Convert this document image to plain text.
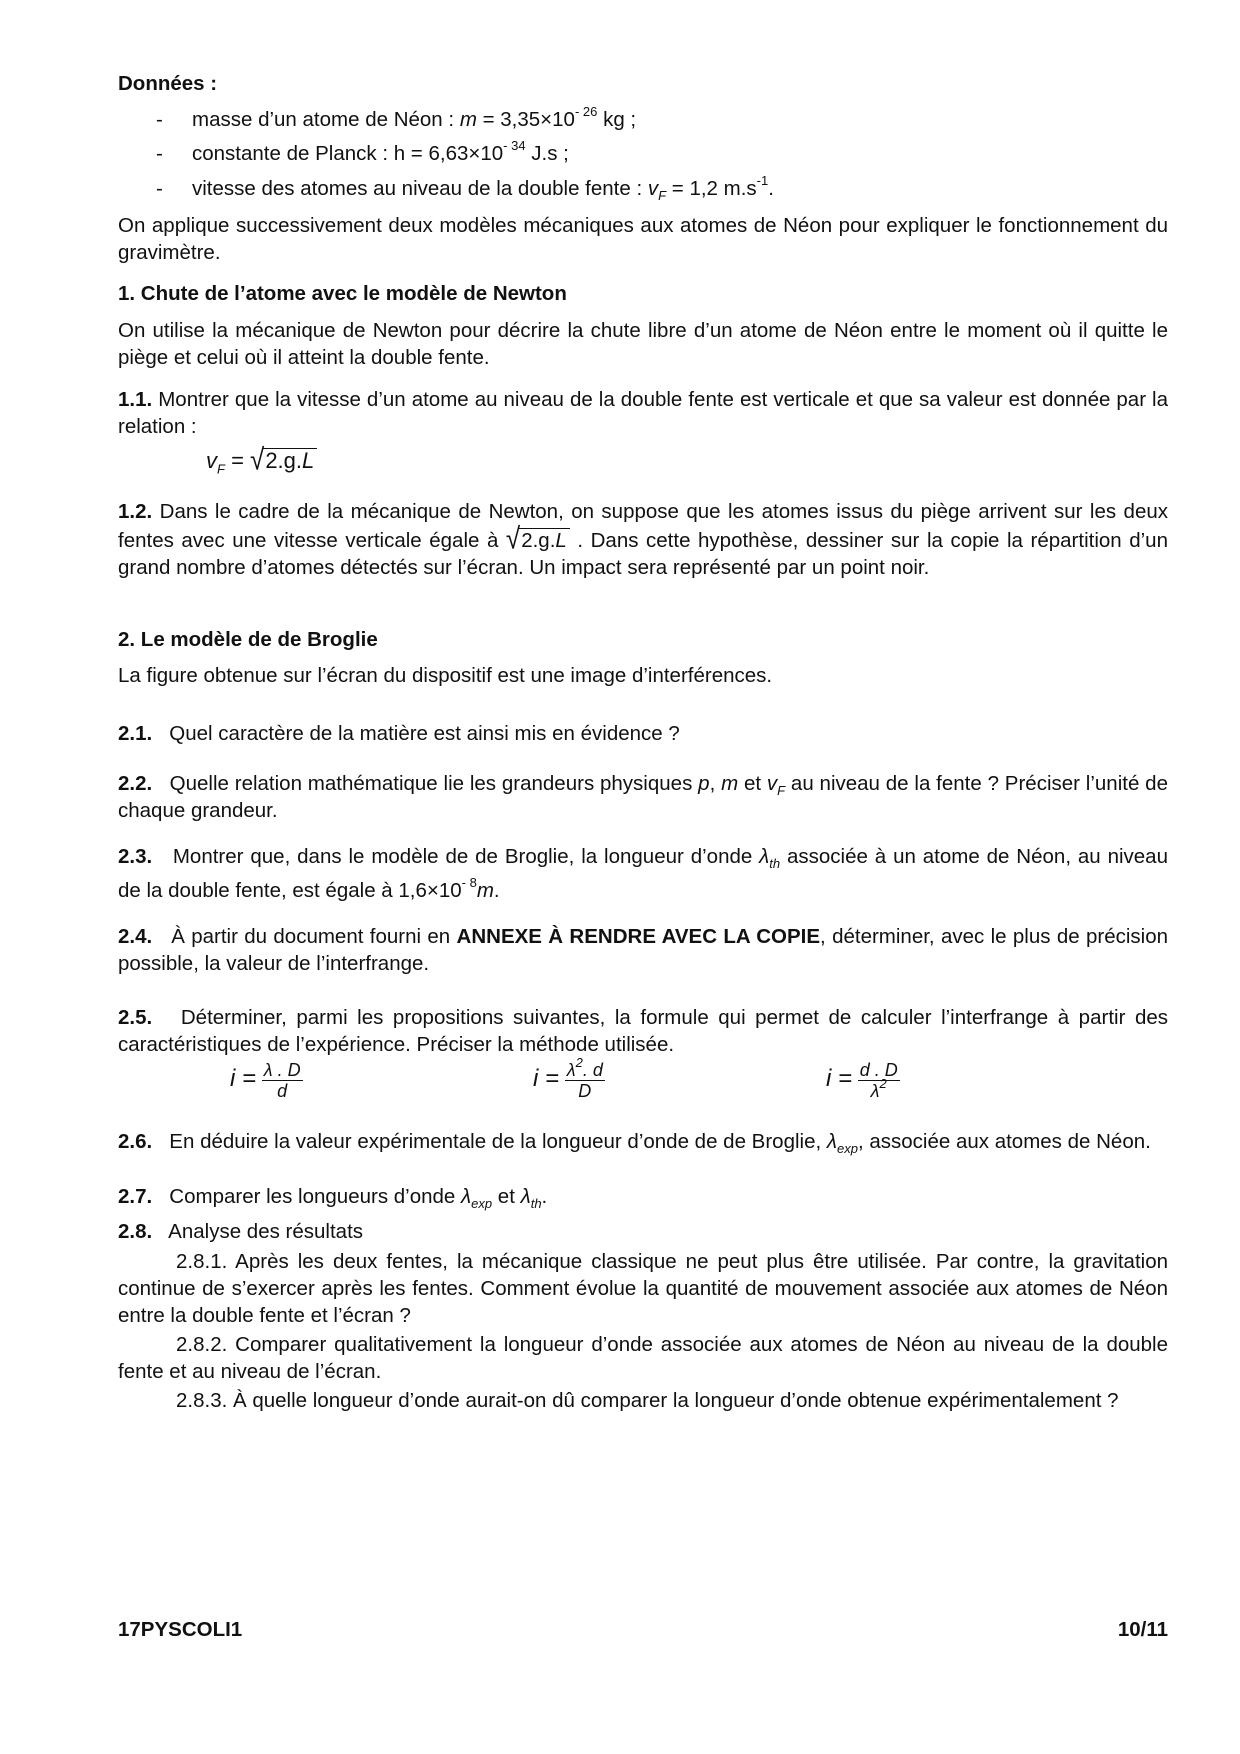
Données :

- masse d’un atome de Néon : $m = 3,35\times 10^{- 26}$ kg ;

- constante de Planck : $h = 6,63\times 10^{- 34}$ J.s ;

- vitesse des atomes au niveau de la double fente : $v_F = 1,2$ $m.s^{-1}$.

On applique successivement deux modèles mécaniques aux atomes de Néon pour expliquer le fonctionnement du gravimètre.

1. Chute de l’atome avec le modèle de Newton

On utilise la mécanique de Newton pour décrire la chute libre d’un atome de Néon entre le moment où il quitte le piège et celui où il atteint la double fente.

1.1. Montrer que la vitesse d’un atome au niveau de la double fente est verticale et que sa valeur est donnée par la relation :

$v_F = √2.g.L$

1.2. Dans le cadre de la mécanique de Newton, on suppose que les atomes issus du piège arrivent sur les deux fentes avec une vitesse verticale égale à √2.g.L . Dans cette hypothèse, dessiner sur la copie la répartition d’un grand nombre d’atomes détectés sur l’écran. Un impact sera représenté par un point noir.

2. Le modèle de de Broglie

La figure obtenue sur l’écran du dispositif est une image d’interférences.

2.1. Quel caractère de la matière est ainsi mis en évidence ?

2.2. Quelle relation mathématique lie les grandeurs physiques p, m et $v_F$ au niveau de la fente ? Préciser l’unité de chaque grandeur.

2.3. Montrer que, dans le modèle de de Broglie, la longueur d’onde $\lambda_{th}$ associée à un atome de Néon, au niveau de la double fente, est égale à $1,6\times 10^{- 8}m$.

2.4. À partir du document fourni en ANNEXE À RENDRE AVEC LA COPIE, déterminer, avec le plus de précision possible, la valeur de l’interfrange.

2.5. Déterminer, parmi les propositions suivantes, la formule qui permet de calculer l’interfrange à partir des caractéristiques de l’expérience. Préciser la méthode utilisée.

$i = \frac{\lambda . D}{d}$	$i = \frac{\lambda^2. d}{D}$	$i = \frac{d . D}{\lambda^2}$

2.6. En déduire la valeur expérimentale de la longueur d’onde de de Broglie, $\lambda_{exp}$, associée aux atomes de Néon.

2.7. Comparer les longueurs d’onde $\lambda_{exp}$ et $\lambda_{th}$.

2.8. Analyse des résultats

2.8.1. Après les deux fentes, la mécanique classique ne peut plus être utilisée. Par contre, la gravitation continue de s’exercer après les fentes. Comment évolue la quantité de mouvement associée aux atomes de Néon entre la double fente et l’écran ?

2.8.2. Comparer qualitativement la longueur d’onde associée aux atomes de Néon au niveau de la double fente et au niveau de l’écran.

2.8.3. À quelle longueur d’onde aurait-on dû comparer la longueur d’onde obtenue expérimentalement ?

17PYSCOLI1	10/11
